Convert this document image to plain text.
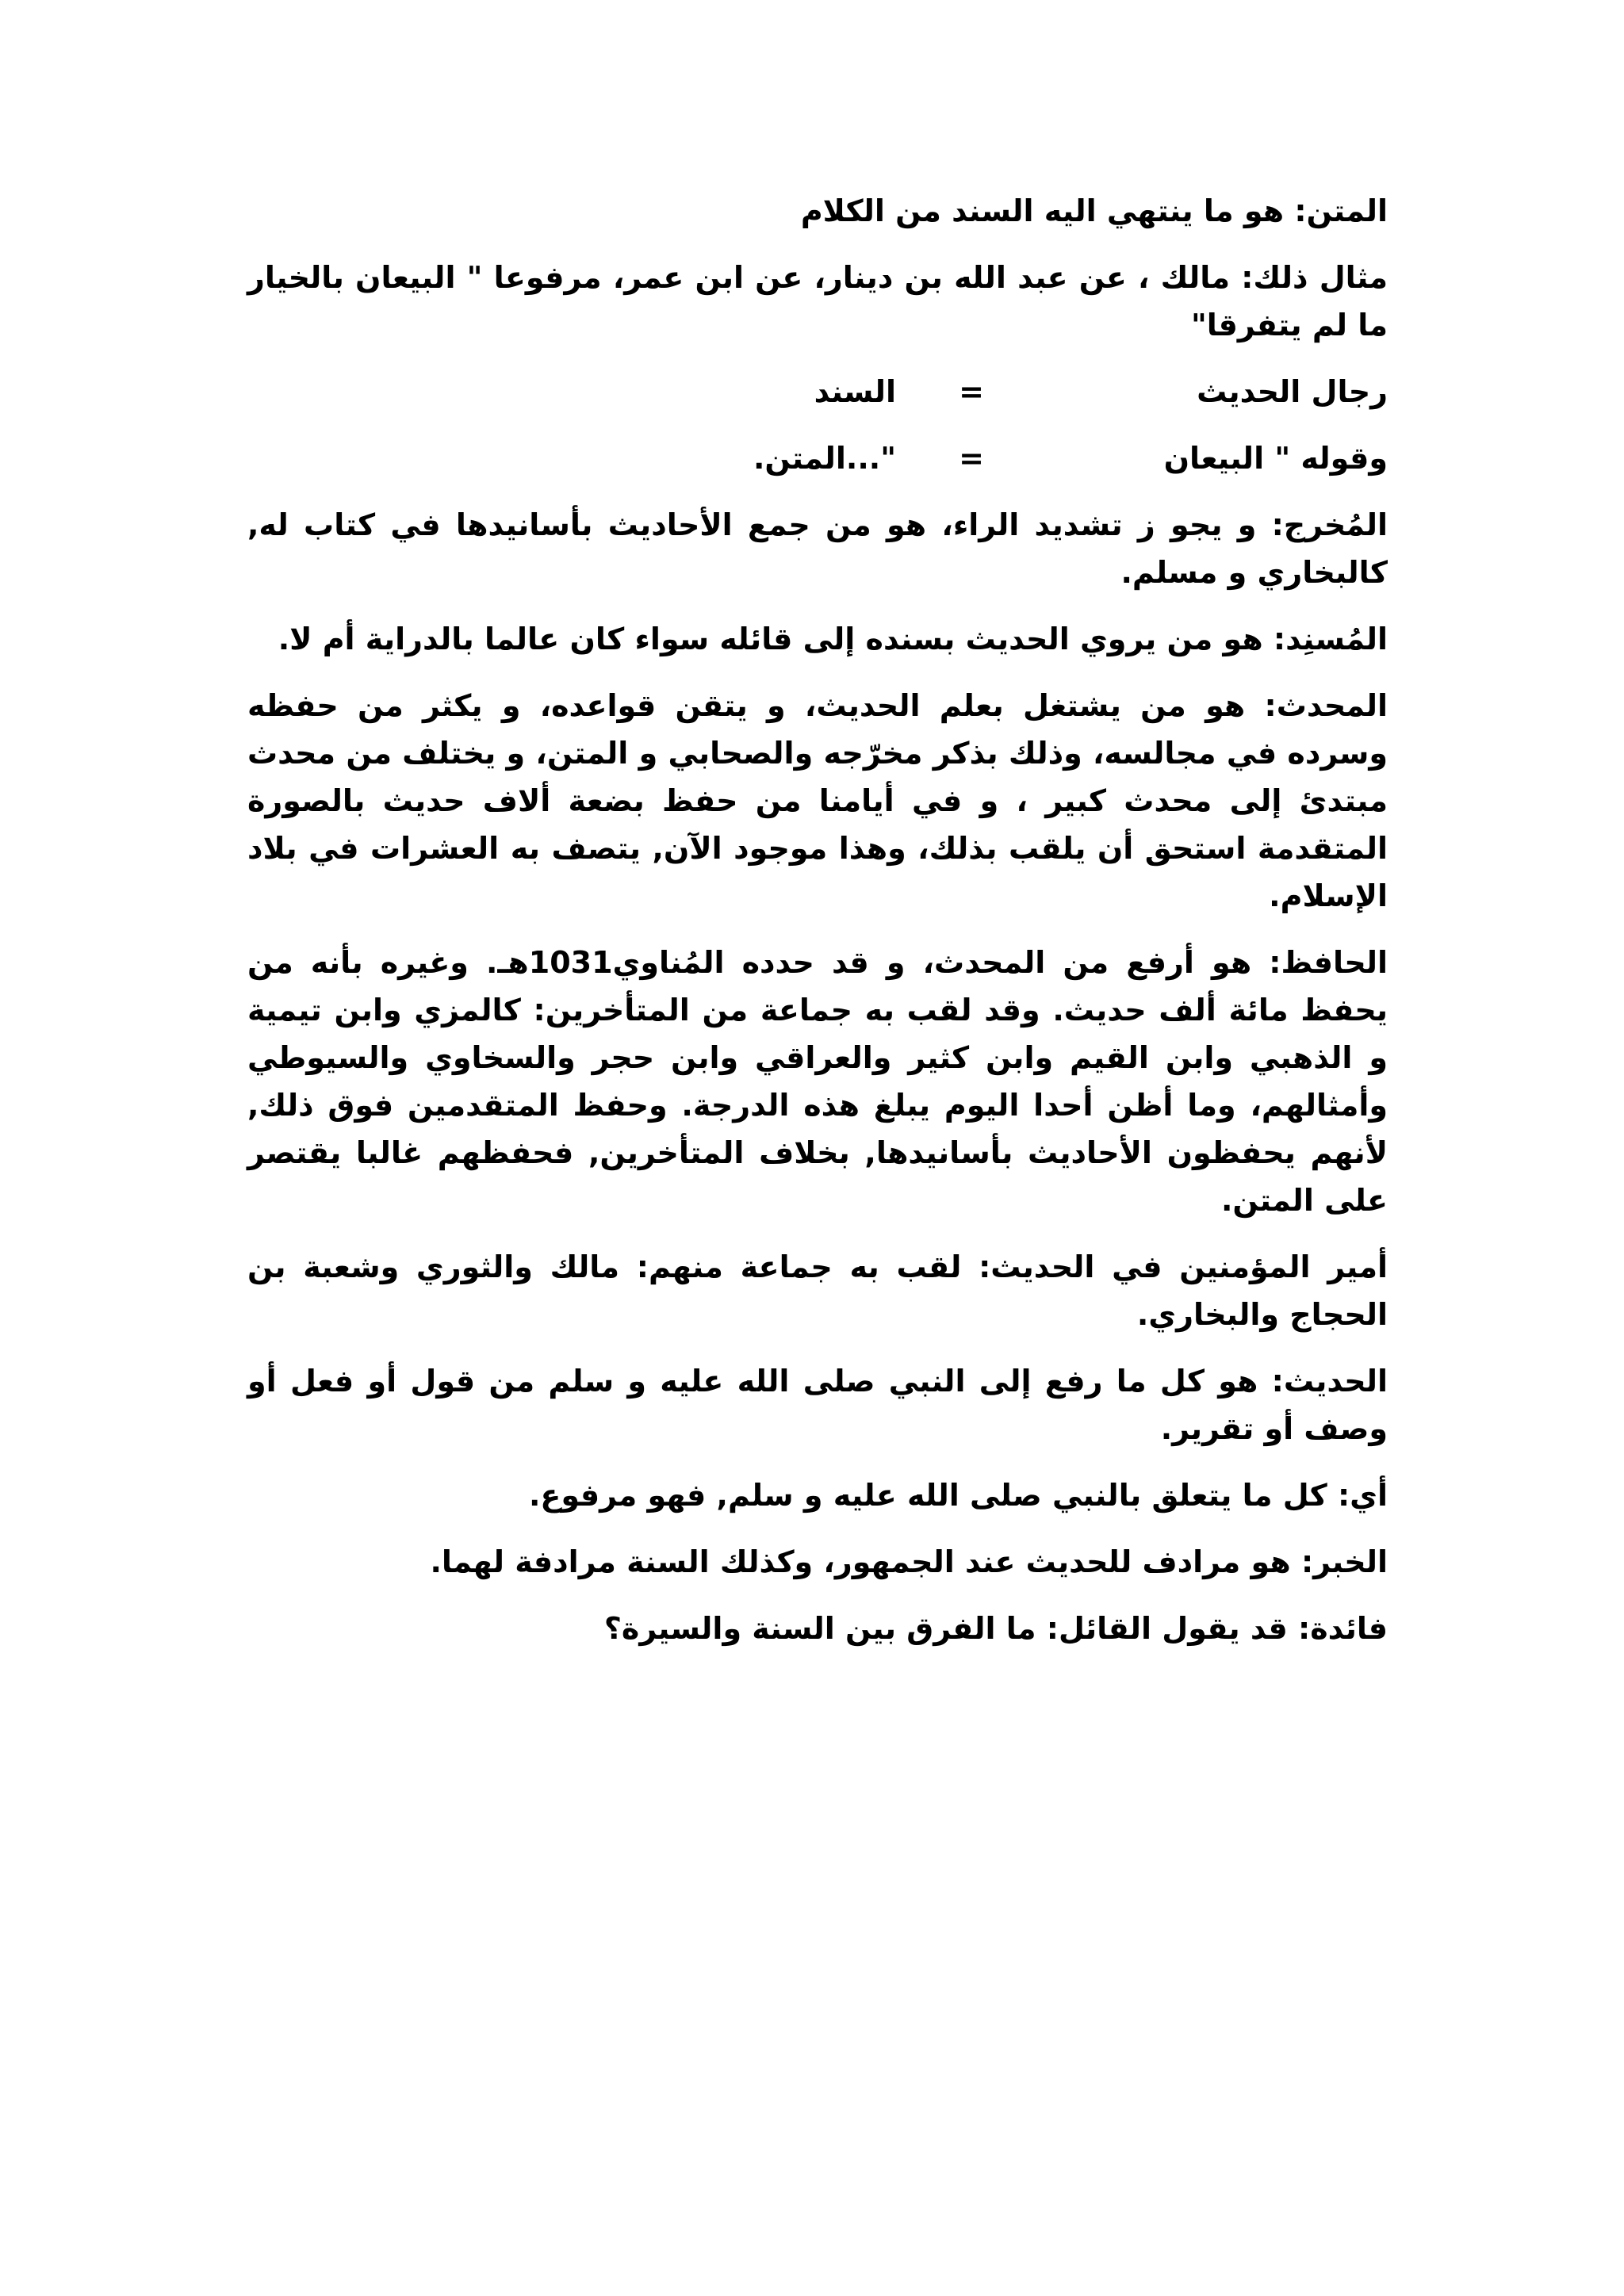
المتن: هو ما ينتهي اليه السند من الكلام

مثال ذلك: مالك ، عن عبد الله بن دينار، عن ابن عمر، مرفوعا " البيعان بالخيار ما لم يتفرقا"

رجال الحديث
=
السند
وقوله " البيعان
=
"...المتن.

المُخرج: و يجو ز تشديد الراء، هو من جمع الأحاديث بأسانيدها في كتاب له, كالبخاري و مسلم.

المُسنِد: هو من يروي الحديث بسنده إلى قائله سواء كان عالما بالدراية أم لا.

المحدث: هو من يشتغل بعلم الحديث، و يتقن قواعده، و يكثر من حفظه وسرده في مجالسه، وذلك بذكر مخرّجه والصحابي و المتن، و يختلف من محدث مبتدئ إلى محدث كبير ، و في أيامنا من حفظ بضعة ألاف حديث بالصورة المتقدمة استحق أن يلقب بذلك، وهذا موجود الآن, يتصف به العشرات في بلاد الإسلام.

الحافظ: هو أرفع من المحدث، و قد حدده المُناوي1031هـ. وغيره بأنه من يحفظ مائة ألف حديث. وقد لقب به جماعة من المتأخرين: كالمزي وابن تيمية و الذهبي وابن القيم وابن كثير والعراقي وابن حجر والسخاوي والسيوطي وأمثالهم، وما أظن أحدا اليوم يبلغ هذه الدرجة. وحفظ المتقدمين فوق ذلك, لأنهم يحفظون الأحاديث بأسانيدها, بخلاف المتأخرين, فحفظهم غالبا يقتصر على المتن.

أمير المؤمنين في الحديث: لقب به جماعة منهم: مالك والثوري وشعبة بن الحجاج والبخاري.

الحديث: هو كل ما رفع إلى النبي صلى الله عليه و سلم من قول أو فعل أو وصف أو تقرير.

أي: كل ما يتعلق بالنبي صلى الله عليه و سلم, فهو مرفوع.

الخبر: هو مرادف للحديث عند الجمهور، وكذلك السنة مرادفة لهما.

فائدة: قد يقول القائل: ما الفرق بين السنة والسيرة؟
